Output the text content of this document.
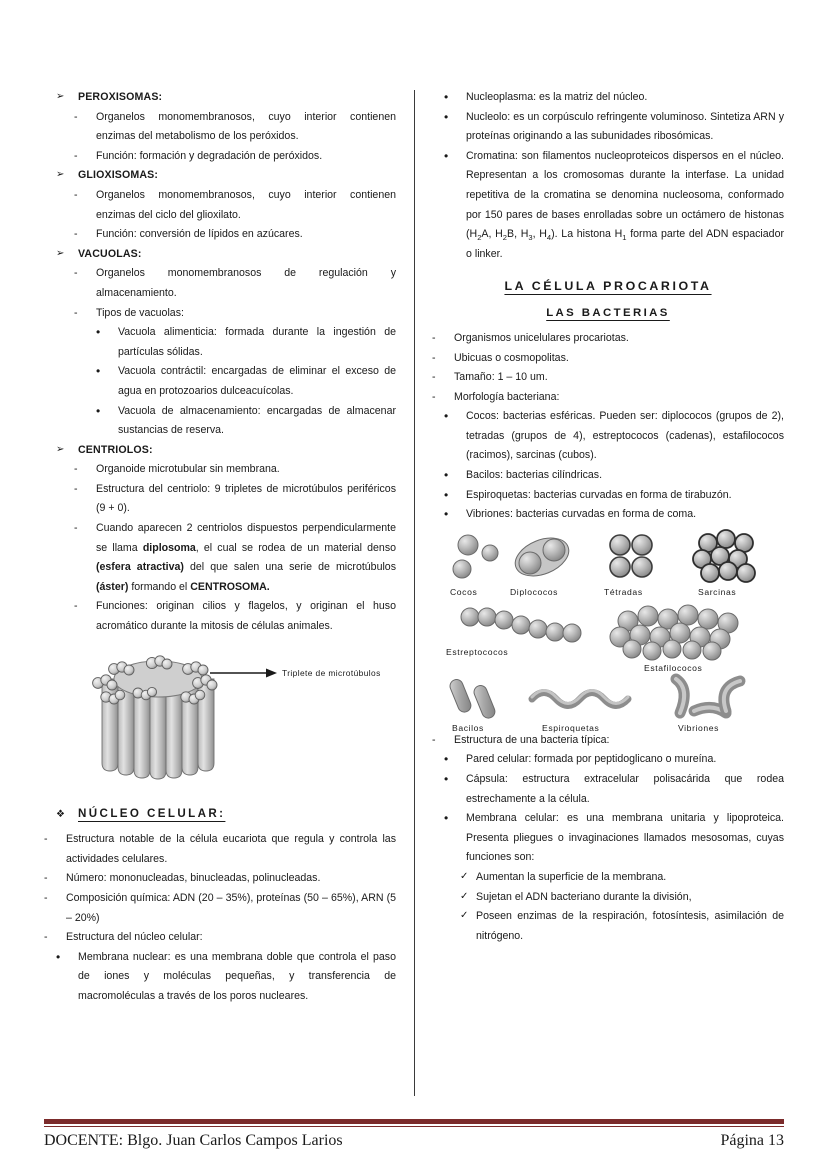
➢	PEROXISOMAS:
-	Organelos monomembranosos, cuyo interior contienen enzimas del metabolismo de los peróxidos.
-	Función: formación y degradación de peróxidos.
➢	GLIOXISOMAS:
-	Organelos monomembranosos, cuyo interior contienen enzimas del ciclo del glioxilato.
-	Función: conversión de lípidos en azúcares.
➢	VACUOLAS:
-	Organelos monomembranosos de regulación y almacenamiento.
-	Tipos de vacuolas:
•	Vacuola alimenticia: formada durante la ingestión de partículas sólidas.
•	Vacuola contráctil: encargadas de eliminar el exceso de agua en protozoarios dulceacuícolas.
•	Vacuola de almacenamiento: encargadas de almacenar sustancias de reserva.
➢	CENTRIOLOS:
-	Organoide microtubular sin membrana.
-	Estructura del centriolo: 9 tripletes de microtúbulos periféricos (9 + 0).
-	Cuando aparecen 2 centriolos dispuestos perpendicularmente se llama diplosoma, el cual se rodea de un material denso (esfera atractiva) del que salen una serie de microtúbulos (áster) formando el CENTROSOMA.
-	Funciones: originan cilios y flagelos, y originan el huso acromático durante la mitosis de células animales.
Triplete de microtúbulos
❖	NÚCLEO CELULAR:
-	Estructura notable de la célula eucariota que regula y controla las actividades celulares.
-	Número: mononucleadas, binucleadas, polinucleadas.
-	Composición química: ADN (20 – 35%), proteínas (50 – 65%), ARN (5 – 20%)
-	Estructura del núcleo celular:
•	Membrana nuclear: es una membrana doble que controla el paso de iones y moléculas pequeñas, y transferencia de macromoléculas a través de los poros nucleares.
•	Nucleoplasma: es la matriz del núcleo.
•	Nucleolo: es un corpúsculo refringente voluminoso. Sintetiza ARN y proteínas originando a las subunidades ribosómicas.
•	Cromatina: son filamentos nucleoproteicos dispersos en el núcleo. Representan a los cromosomas durante la interfase. La unidad repetitiva de la cromatina se denomina nucleosoma, conformado por 150 pares de bases enrolladas sobre un octámero de histonas ($H_2A$, $H_2B$, $H_3$, $H_4$). La histona $H_1$ forma parte del ADN espaciador o linker.
LA CÉLULA PROCARIOTA
LAS BACTERIAS
-	Organismos unicelulares procariotas.
-	Ubicuas o cosmopolitas.
-	Tamaño: 1 – 10 um.
-	Morfología bacteriana:
•	Cocos: bacterias esféricas. Pueden ser: diplococos (grupos de 2), tetradas (grupos de 4), estreptococos (cadenas), estafilococos (racimos), sarcinas (cubos).
•	Bacilos: bacterias cilíndricas.
•	Espiroquetas: bacterias curvadas en forma de tirabuzón.
•	Vibriones: bacterias curvadas en forma de coma.
Cocos	Diplococos	Tétradas	Sarcinas
Estreptococos
Estafilococos
Bacilos	Espiroquetas	Vibriones
-	Estructura de una bacteria típica:
•	Pared celular: formada por peptidoglicano o mureína.
•	Cápsula: estructura extracelular polisacárida que rodea estrechamente a la célula.
•	Membrana celular: es una membrana unitaria y lipoproteica. Presenta pliegues o invaginaciones llamados mesosomas, cuyas funciones son:
✓ Aumentan la superficie de la membrana.
✓ Sujetan el ADN bacteriano durante la división,
✓ Poseen enzimas de la respiración, fotosíntesis, asimilación de nitrógeno.
DOCENTE: Blgo. Juan Carlos Campos Larios	Página 13
